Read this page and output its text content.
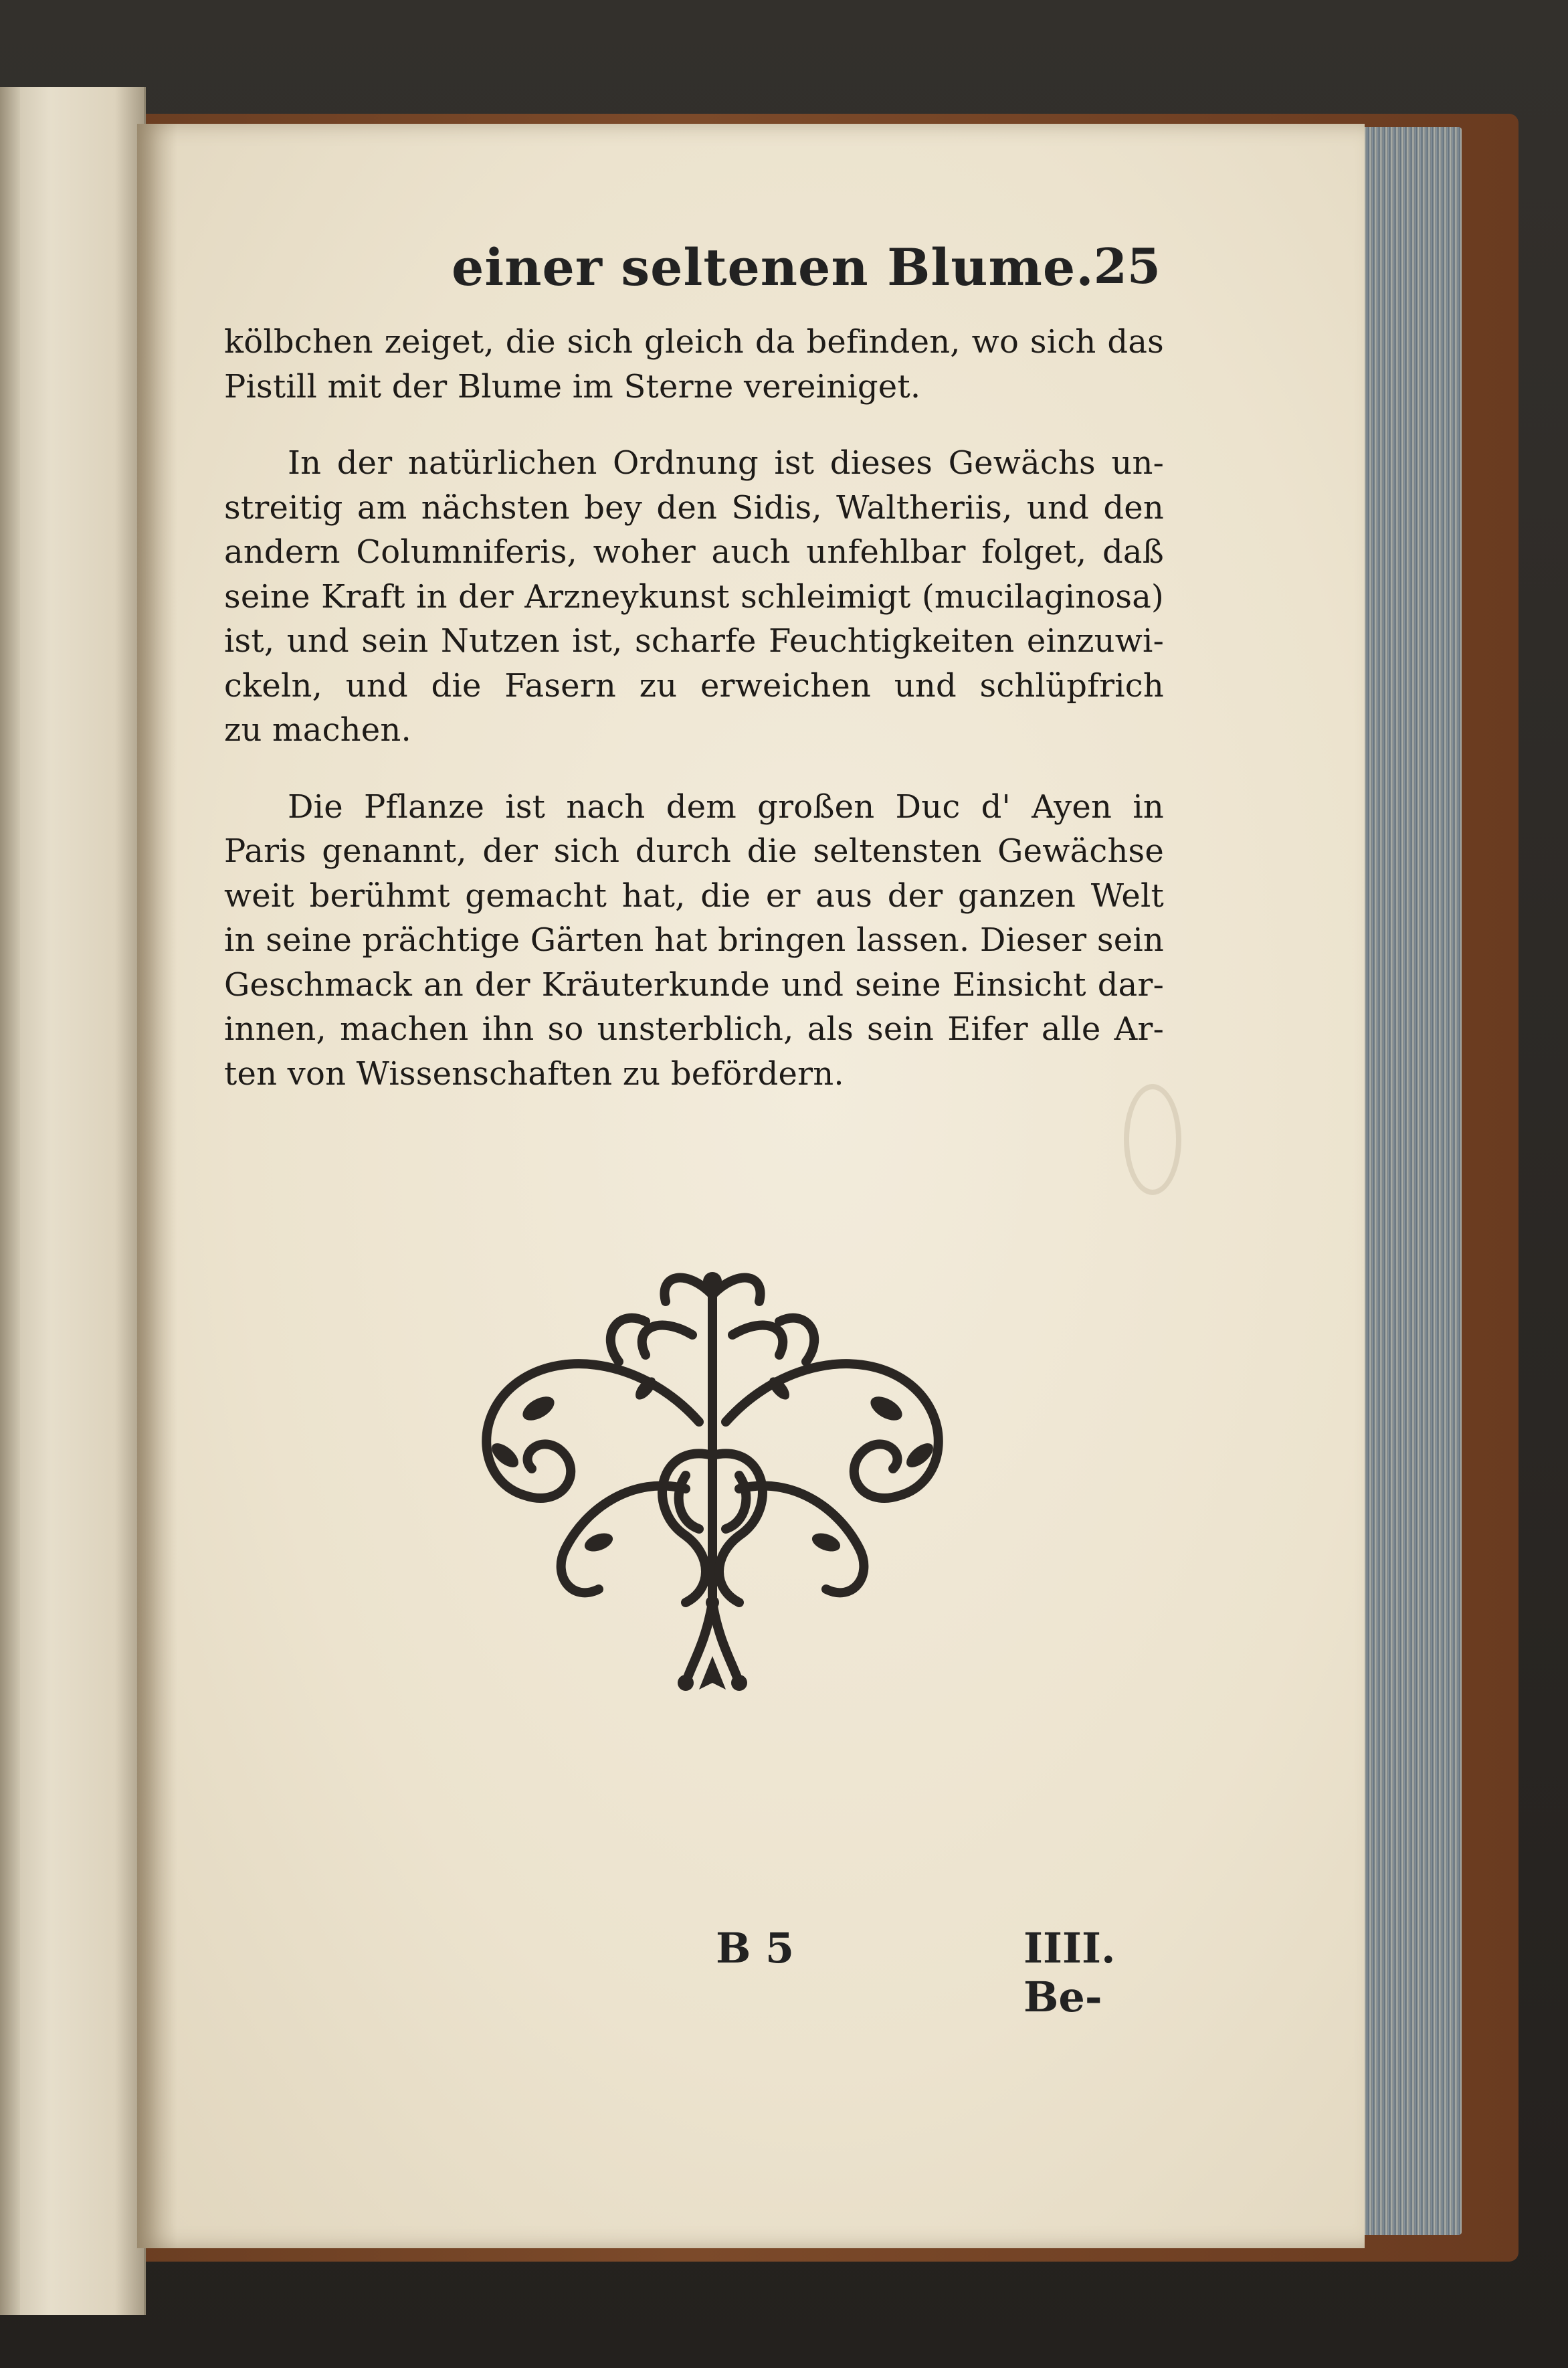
einer seltenen Blume. 25
kölbchen zeiget, die sich gleich da befinden, wo sich das
Pistill mit der Blume im Sterne vereiniget.
In der natürlichen Ordnung ist dieses Gewächs un-
streitig am nächsten bey den Sidis, Waltheriis, und den
andern Columniferis, woher auch unfehlbar folget, daß
seine Kraft in der Arzneykunst schleimigt (mucilaginosa)
ist, und sein Nutzen ist, scharfe Feuchtigkeiten einzuwi-
ckeln, und die Fasern zu erweichen und schlüpfrich
zu machen.
Die Pflanze ist nach dem großen Duc d' Ayen in
Paris genannt, der sich durch die seltensten Gewächse
weit berühmt gemacht hat, die er aus der ganzen Welt
in seine prächtige Gärten hat bringen lassen. Dieser sein
Geschmack an der Kräuterkunde und seine Einsicht dar-
innen, machen ihn so unsterblich, als sein Eifer alle Ar-
ten von Wissenschaften zu befördern.
B 5	IIII. Be-
